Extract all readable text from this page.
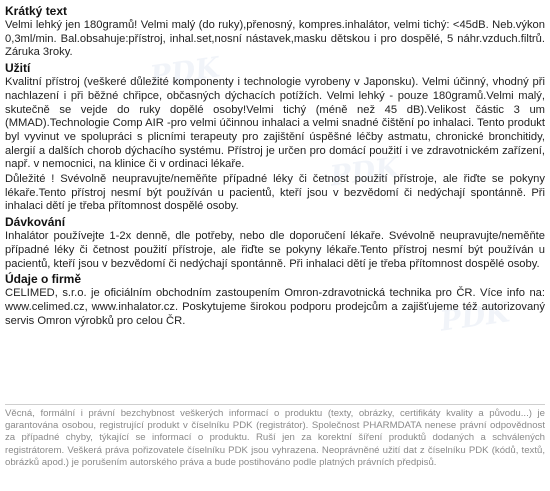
PDK
PDK
PDK
Krátký text

Velmi lehký jen 180gramů! Velmi malý (do ruky),přenosný, kompres.inhalátor, velmi tichý: <45dB. Neb.výkon 0,3ml/min. Bal.obsahuje:přístroj, inhal.set,nosní nástavek,masku dětskou i pro dospělé, 5 náhr.vzduch.filtrů. Záruka 3roky.

Užití

Kvalitní přístroj (veškeré důležité komponenty i technologie vyrobeny v Japonsku). Velmi účinný, vhodný při nachlazení i při běžné chřipce, občasných dýchacích potížích. Velmi lehký - pouze 180gramů.Velmi malý, skutečně se vejde do ruky dopělé osoby!Velmi tichý (méně než 45 dB).Velikost částic 3 um (MMAD).Technologie Comp AIR -pro velmi účinnou inhalaci a velmi snadné čištění po inhalaci. Tento produkt byl vyvinut ve spolupráci s plicními terapeuty pro zajištění úspěšné léčby astmatu, chronické bronchitidy, alergií a dalších chorob dýchacího systému. Přístroj je určen pro domácí použití i ve zdravotnickém zařízení, např. v nemocnici, na klinice či v ordinaci lékaře.

Důležité ! Svévolně neupravujte/neměňte případné léky či četnost použití přístroje, ale řiďte se pokyny lékaře.Tento přístroj nesmí být používán u pacientů, kteří jsou v bezvědomí či nedýchají spontánně. Při inhalaci dětí je třeba přítomnost dospělé osoby.

Dávkování

Inhalátor používejte 1-2x denně, dle potřeby, nebo dle doporučení lékaře. Svévolně neupravujte/neměňte případné léky či četnost použití přístroje, ale řiďte se pokyny lékaře.Tento přístroj nesmí být používán u pacientů, kteří jsou v bezvědomí či nedýchají spontánně. Při inhalaci dětí je třeba přítomnost dospělé osoby.

Údaje o firmě

CELIMED, s.r.o. je oficiálním obchodním zastoupením Omron-zdravotnická technika pro ČR. Více info na: www.celimed.cz, www.inhalator.cz. Poskytujeme širokou podporu prodejcům a zajišťujeme též autorizovaný servis Omron výrobků pro celou ČR.

Věcná, formální i právní bezchybnost veškerých informací o produktu (texty, obrázky, certifikáty kvality a původu...) je garantována osobou, registrující produkt v číselníku PDK (registrátor). Společnost PHARMDATA nenese právní odpovědnost za případné chyby, týkající se informací o produktu. Ruší jen za korektní šíření produktů dodaných a schválených registrátorem. Veškerá práva pořizovatele číselníku PDK jsou vyhrazena. Neoprávněné užití dat z číselníku PDK (kódů, textů, obrázků apod.) je porušením autorského práva a bude postihováno podle platných právních předpisů.
